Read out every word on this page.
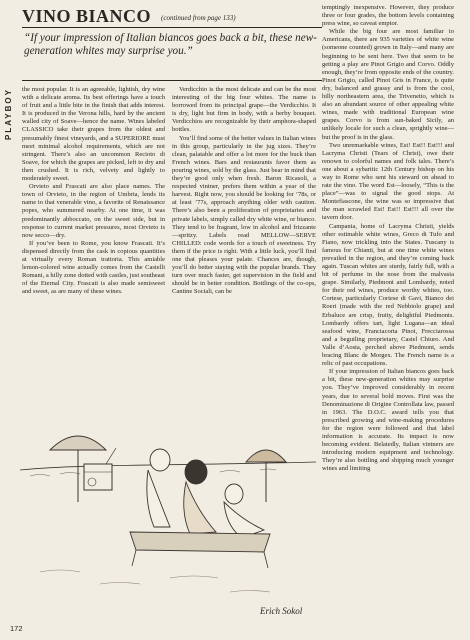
PLAYBOY
VINO BIANCO (continued from page 133)
“If your impression of Italian biancos goes back a bit, these new-generation whites may surprise you.”

the most popular. It is an agreeable, lightish, dry wine with a delicate aroma. Its best offerings have a touch of fruit and a little bite in the finish that adds interest. It is produced in the Verona hills, hard by the ancient walled city of Soave—hence the name. Wines labeled CLASSICO take their grapes from the oldest and presumably finest vineyards, and a SUPERIORE must meet minimal alcohol requirements, which are not stringent. There’s also an uncommon Recioto di Soave, for which the grapes are picked, left to dry and then crushed. It is rich, velvety and lightly to moderately sweet.

Orvieto and Frascati are also place names. The town of Orvieto, in the region of Umbria, lends its name to that venerable vino, a favorite of Renaissance popes, who summered nearby. At one time, it was predominantly abboccato, on the sweet side, but in response to current market pressures, most Orvieto is now secco—dry.

If you’ve been to Rome, you know Frascati. It’s dispensed directly from the cask in copious quantities at virtually every Roman trattoria. This amiable lemon-colored wine actually comes from the Castelli Romani, a hilly zone dotted with castles, just southeast of the Eternal City. Frascati is also made semisweet and sweet, as are many of these wines.

Verdicchio is the most delicate and can be the most interesting of the big four whites. The name is borrowed from its principal grape—the Verdicchio. It is dry, light but firm in body, with a herby bouquet. Verdicchios are recognizable by their amphora-shaped bottles.

You’ll find some of the better values in Italian wines in this group, particularly in the jug sizes. They’re clean, palatable and offer a lot more for the buck than French wines. Bars and restaurants favor them as pouring wines, sold by the glass. Just bear in mind that they’re good only when fresh. Baron Ricasoli, a respected vintner, prefers them within a year of the harvest. Right now, you should be looking for ’78s, or at least ’77s, approach anything older with caution. There’s also been a proliferation of proprietaries and private labels, simply called dry white wine, or bianco. They tend to be fragrant, low in alcohol and frizzante—spritzy. Labels read MELLOW—SERVE CHILLED: code words for a touch of sweetness. Try them if the price is right. With a little luck, you’ll find one that pleases your palate. Chances are, though, you’ll do better staying with the popular brands. They turn over much faster, get supervision in the field and should be in better condition. Bottlings of the co-ops, Cantine Sociali, can be

temptingly inexpensive. However, they produce three or four grades, the bottom levels containing press wine, so caveat emptor.

While the big four are most familiar to Americans, there are 935 varieties of white wine (someone counted) grown in Italy—and many are beginning to be sent here. Two that seem to be getting a play are Pinot Grigio and Corvo. Oddly enough, they’re from opposite ends of the country. Pinot Grigio, called Pinot Gris in France, is quite dry, balanced and grassy and is from the cool, hilly northeastern area, the Trivenetio, which is also an abundant source of other appealing white wines, made with traditional European wine grapes. Corvo is from sun-baked Sicily, an unlikely locale for such a clean, sprightly wine—but the proof is in the glass.

Two unremarkable wines, Est! Est!! Est!!! and Lacryma Christi (Tears of Christ), owe their renown to colorful names and folk tales. There’s one about a sybaritic 12th Century bishop on his way to Rome who sent his steward on ahead to rate the vino. The word Est—loosely, “This is the place”—was to signal the good stops. At Montefiascone, the wine was so impressive that the man scrawled Est! Est!! Est!!! all over the tavern door.

Campania, home of Lacryma Christi, yields other estimable white wines, Greco di Tufo and Fiano, now trickling into the States. Tuscany is famous for Chianti, but at one time white wines prevailed in the region, and they’re coming back again. Tuscan whites are sturdy, fairly full, with a bit of perfume in the nose from the malvasia grape. Similarly, Piedmont and Lombardy, noted for their red wines, produce worthy whites, too. Cortese, particularly Cortese di Gavi, Bianco dei Roeri (made with the red Nebbiolo grape) and Erbaluce are crisp, fruity, delightful Piedmonts. Lombardy offers tart, light Lugana—an ideal seafood wine, Franciacorta Pinot, Frecciarossa and a beguiling proprietary, Castel Chiuro. And Valle d’Aosta, perched above Piedmont, sends bracing Blanc de Morgex. The French name is a relic of past occupations.

If your impression of Italian biancos goes back a bit, these new-generation whites may surprise you. They’ve improved considerably in recent years, due to several bold moves. First was the Denominazione di Origine Controllata law, passed in 1963. The D.O.C. award tells you that prescribed growing and wine-making procedures for the region were followed and that label information is accurate. Its impact is now becoming evident. Belatedly, Italian vintners are introducing modern equipment and technology. They’re also bottling and shipping much younger wines and limiting

Erich Sokol
172
